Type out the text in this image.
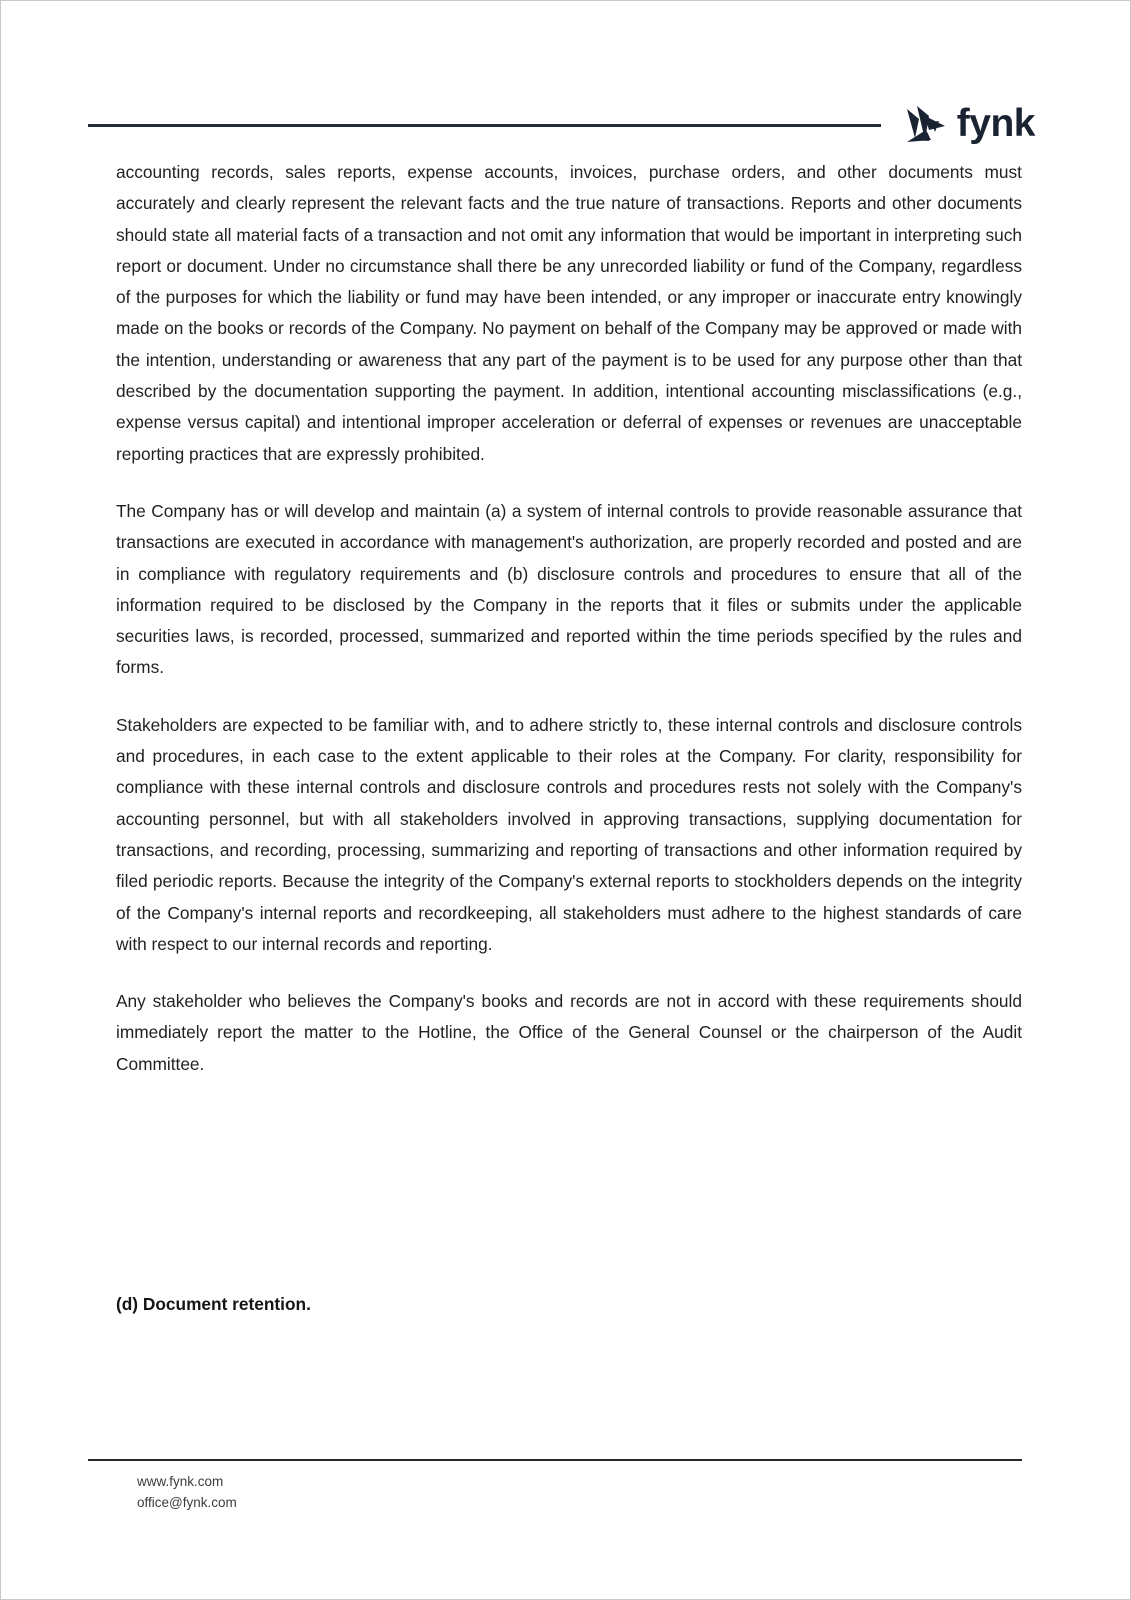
fynk

accounting records, sales reports, expense accounts, invoices, purchase orders, and other documents must accurately and clearly represent the relevant facts and the true nature of transactions. Reports and other documents should state all material facts of a transaction and not omit any information that would be important in interpreting such report or document. Under no circumstance shall there be any unrecorded liability or fund of the Company, regardless of the purposes for which the liability or fund may have been intended, or any improper or inaccurate entry knowingly made on the books or records of the Company. No payment on behalf of the Company may be approved or made with the intention, understanding or awareness that any part of the payment is to be used for any purpose other than that described by the documentation supporting the payment. In addition, intentional accounting misclassifications (e.g., expense versus capital) and intentional improper acceleration or deferral of expenses or revenues are unacceptable reporting practices that are expressly prohibited.

The Company has or will develop and maintain (a) a system of internal controls to provide reasonable assurance that transactions are executed in accordance with management's authorization, are properly recorded and posted and are in compliance with regulatory requirements and (b) disclosure controls and procedures to ensure that all of the information required to be disclosed by the Company in the reports that it files or submits under the applicable securities laws, is recorded, processed, summarized and reported within the time periods specified by the rules and forms.

Stakeholders are expected to be familiar with, and to adhere strictly to, these internal controls and disclosure controls and procedures, in each case to the extent applicable to their roles at the Company. For clarity, responsibility for compliance with these internal controls and disclosure controls and procedures rests not solely with the Company's accounting personnel, but with all stakeholders involved in approving transactions, supplying documentation for transactions, and recording, processing, summarizing and reporting of transactions and other information required by filed periodic reports. Because the integrity of the Company's external reports to stockholders depends on the integrity of the Company's internal reports and recordkeeping, all stakeholders must adhere to the highest standards of care with respect to our internal records and reporting.

Any stakeholder who believes the Company's books and records are not in accord with these requirements should immediately report the matter to the Hotline, the Office of the General Counsel or the chairperson of the Audit Committee.

(d) Document retention.
www.fynk.com
office@fynk.com
